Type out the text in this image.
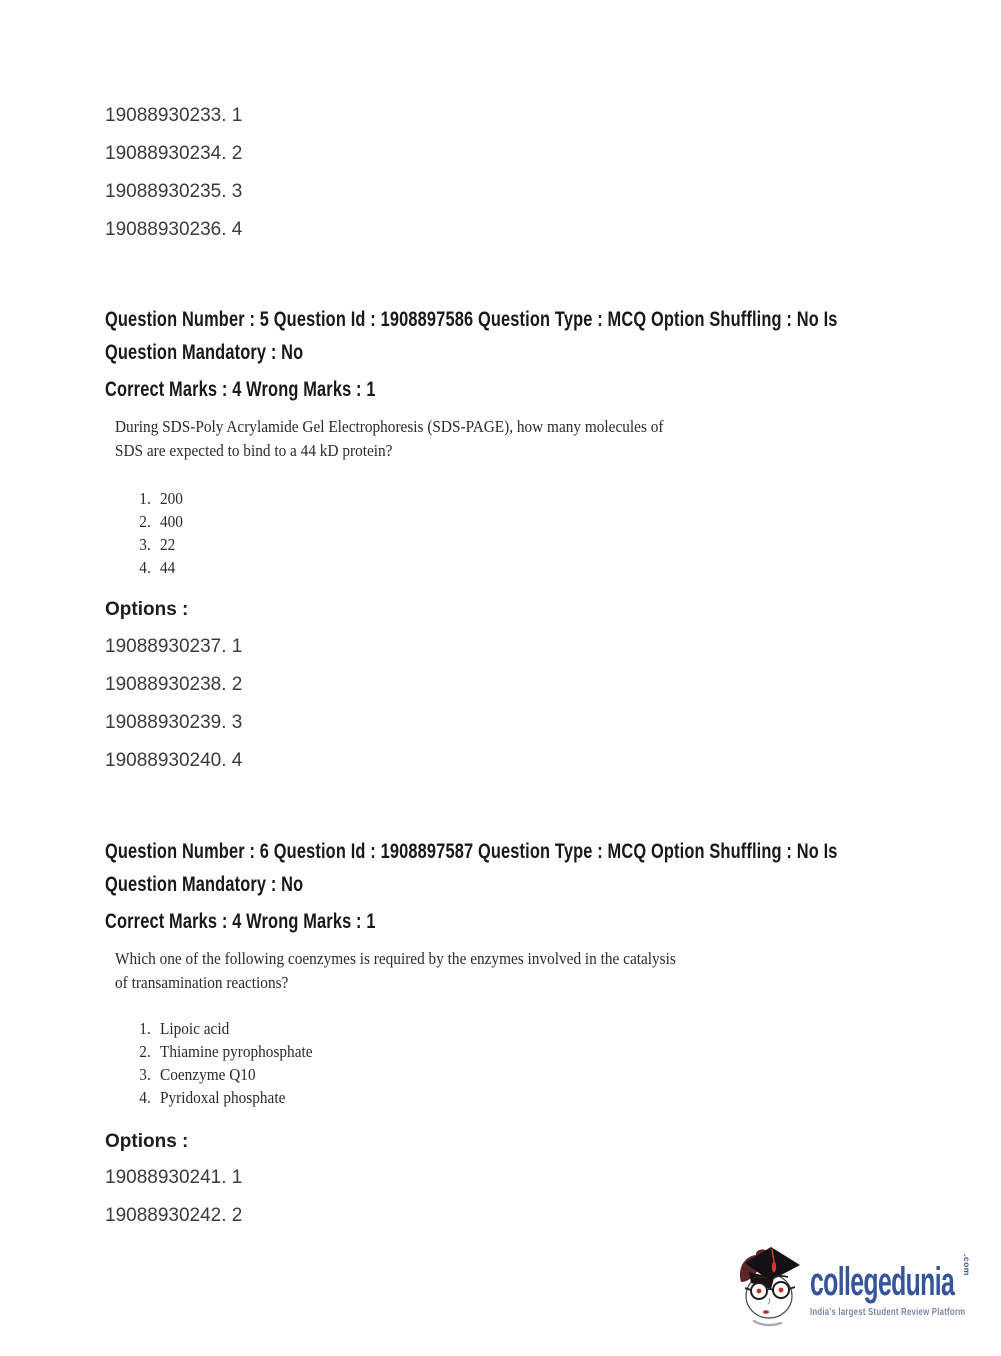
19088930233. 1
19088930234. 2
19088930235. 3
19088930236. 4
Question Number : 5 Question Id : 1908897586 Question Type : MCQ Option Shuffling : No Is
Question Mandatory : No
Correct Marks : 4 Wrong Marks : 1
During SDS-Poly Acrylamide Gel Electrophoresis (SDS-PAGE), how many molecules of
SDS are expected to bind to a 44 kD protein?
1. 200
2. 400
3. 22
4. 44
Options :
19088930237. 1
19088930238. 2
19088930239. 3
19088930240. 4
Question Number : 6 Question Id : 1908897587 Question Type : MCQ Option Shuffling : No Is
Question Mandatory : No
Correct Marks : 4 Wrong Marks : 1
Which one of the following coenzymes is required by the enzymes involved in the catalysis
of transamination reactions?
1. Lipoic acid
2. Thiamine pyrophosphate
3. Coenzyme Q10
4. Pyridoxal phosphate
Options :
19088930241. 1
19088930242. 2
collegedunia .com

India's largest Student Review Platform
